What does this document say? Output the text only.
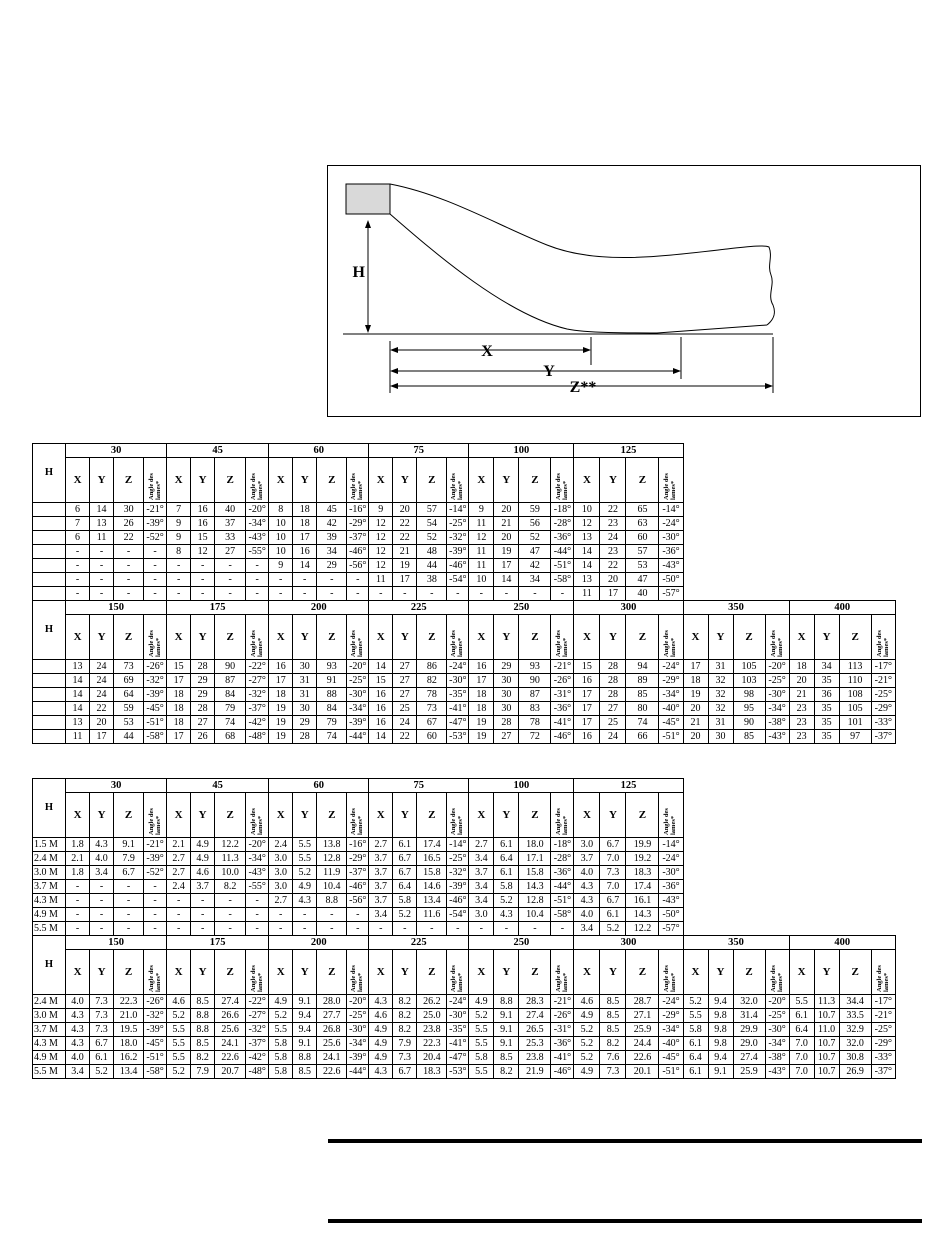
H
X
Y
Z**
H	30				45				60				75				100				125											
	X	Y	Z	Angle des lames*	X	Y	Z	Angle des lames*	X	Y	Z	Angle des lames*	X	Y	Z	Angle des lames*	X	Y	Z	Angle des lames*	X	Y	Z	Angle des lames*								

	6	14	30	-21°	7	16	40	-20°	8	18	45	-16°	9	20	57	-14°	9	20	59	-18°	10	22	65	-14°								
	7	13	26	-39°	9	16	37	-34°	10	18	42	-29°	12	22	54	-25°	11	21	56	-28°	12	23	63	-24°								
	6	11	22	-52°	9	15	33	-43°	10	17	39	-37°	12	22	52	-32°	12	20	52	-36°	13	24	60	-30°								
	-	-	-	-	8	12	27	-55°	10	16	34	-46°	12	21	48	-39°	11	19	47	-44°	14	23	57	-36°								
	-	-	-	-	-	-	-	-	9	14	29	-56°	12	19	44	-46°	11	17	42	-51°	14	22	53	-43°								
	-	-	-	-	-	-	-	-	-	-	-	-	11	17	38	-54°	10	14	34	-58°	13	20	47	-50°								
	-	-	-	-	-	-	-	-	-	-	-	-	-	-	-	-	-	-	-	-	11	17	40	-57°								
H	150				175				200				225				250				300				350				400			
	X	Y	Z	Angle des lames*	X	Y	Z	Angle des lames*	X	Y	Z	Angle des lames*	X	Y	Z	Angle des lames*	X	Y	Z	Angle des lames*	X	Y	Z	Angle des lames*	X	Y	Z	Angle des lames*	X	Y	Z	Angle des lames*

	13	24	73	-26°	15	28	90	-22°	16	30	93	-20°	14	27	86	-24°	16	29	93	-21°	15	28	94	-24°	17	31	105	-20°	18	34	113	-17°
	14	24	69	-32°	17	29	87	-27°	17	31	91	-25°	15	27	82	-30°	17	30	90	-26°	16	28	89	-29°	18	32	103	-25°	20	35	110	-21°
	14	24	64	-39°	18	29	84	-32°	18	31	88	-30°	16	27	78	-35°	18	30	87	-31°	17	28	85	-34°	19	32	98	-30°	21	36	108	-25°
	14	22	59	-45°	18	28	79	-37°	19	30	84	-34°	16	25	73	-41°	18	30	83	-36°	17	27	80	-40°	20	32	95	-34°	23	35	105	-29°
	13	20	53	-51°	18	27	74	-42°	19	29	79	-39°	16	24	67	-47°	19	28	78	-41°	17	25	74	-45°	21	31	90	-38°	23	35	101	-33°
	11	17	44	-58°	17	26	68	-48°	19	28	74	-44°	14	22	60	-53°	19	27	72	-46°	16	24	66	-51°	20	30	85	-43°	23	35	97	-37°
H	30				45				60				75				100				125											
	X	Y	Z	Angle des lames*	X	Y	Z	Angle des lames*	X	Y	Z	Angle des lames*	X	Y	Z	Angle des lames*	X	Y	Z	Angle des lames*	X	Y	Z	Angle des lames*								

1.5 M	1.8	4.3	9.1	-21°	2.1	4.9	12.2	-20°	2.4	5.5	13.8	-16°	2.7	6.1	17.4	-14°	2.7	6.1	18.0	-18°	3.0	6.7	19.9	-14°								
2.4 M	2.1	4.0	7.9	-39°	2.7	4.9	11.3	-34°	3.0	5.5	12.8	-29°	3.7	6.7	16.5	-25°	3.4	6.4	17.1	-28°	3.7	7.0	19.2	-24°								
3.0 M	1.8	3.4	6.7	-52°	2.7	4.6	10.0	-43°	3.0	5.2	11.9	-37°	3.7	6.7	15.8	-32°	3.7	6.1	15.8	-36°	4.0	7.3	18.3	-30°								
3.7 M	-	-	-	-	2.4	3.7	8.2	-55°	3.0	4.9	10.4	-46°	3.7	6.4	14.6	-39°	3.4	5.8	14.3	-44°	4.3	7.0	17.4	-36°								
4.3 M	-	-	-	-	-	-	-	-	2.7	4.3	8.8	-56°	3.7	5.8	13.4	-46°	3.4	5.2	12.8	-51°	4.3	6.7	16.1	-43°								
4.9 M	-	-	-	-	-	-	-	-	-	-	-	-	3.4	5.2	11.6	-54°	3.0	4.3	10.4	-58°	4.0	6.1	14.3	-50°								
5.5 M	-	-	-	-	-	-	-	-	-	-	-	-	-	-	-	-	-	-	-	-	3.4	5.2	12.2	-57°								
H	150				175				200				225				250				300				350				400			
	X	Y	Z	Angle des lames*	X	Y	Z	Angle des lames*	X	Y	Z	Angle des lames*	X	Y	Z	Angle des lames*	X	Y	Z	Angle des lames*	X	Y	Z	Angle des lames*	X	Y	Z	Angle des lames*	X	Y	Z	Angle des lames*

2.4 M	4.0	7.3	22.3	-26°	4.6	8.5	27.4	-22°	4.9	9.1	28.0	-20°	4.3	8.2	26.2	-24°	4.9	8.8	28.3	-21°	4.6	8.5	28.7	-24°	5.2	9.4	32.0	-20°	5.5	11.3	34.4	-17°
3.0 M	4.3	7.3	21.0	-32°	5.2	8.8	26.6	-27°	5.2	9.4	27.7	-25°	4.6	8.2	25.0	-30°	5.2	9.1	27.4	-26°	4.9	8.5	27.1	-29°	5.5	9.8	31.4	-25°	6.1	10.7	33.5	-21°
3.7 M	4.3	7.3	19.5	-39°	5.5	8.8	25.6	-32°	5.5	9.4	26.8	-30°	4.9	8.2	23.8	-35°	5.5	9.1	26.5	-31°	5.2	8.5	25.9	-34°	5.8	9.8	29.9	-30°	6.4	11.0	32.9	-25°
4.3 M	4.3	6.7	18.0	-45°	5.5	8.5	24.1	-37°	5.8	9.1	25.6	-34°	4.9	7.9	22.3	-41°	5.5	9.1	25.3	-36°	5.2	8.2	24.4	-40°	6.1	9.8	29.0	-34°	7.0	10.7	32.0	-29°
4.9 M	4.0	6.1	16.2	-51°	5.5	8.2	22.6	-42°	5.8	8.8	24.1	-39°	4.9	7.3	20.4	-47°	5.8	8.5	23.8	-41°	5.2	7.6	22.6	-45°	6.4	9.4	27.4	-38°	7.0	10.7	30.8	-33°
5.5 M	3.4	5.2	13.4	-58°	5.2	7.9	20.7	-48°	5.8	8.5	22.6	-44°	4.3	6.7	18.3	-53°	5.5	8.2	21.9	-46°	4.9	7.3	20.1	-51°	6.1	9.1	25.9	-43°	7.0	10.7	26.9	-37°
